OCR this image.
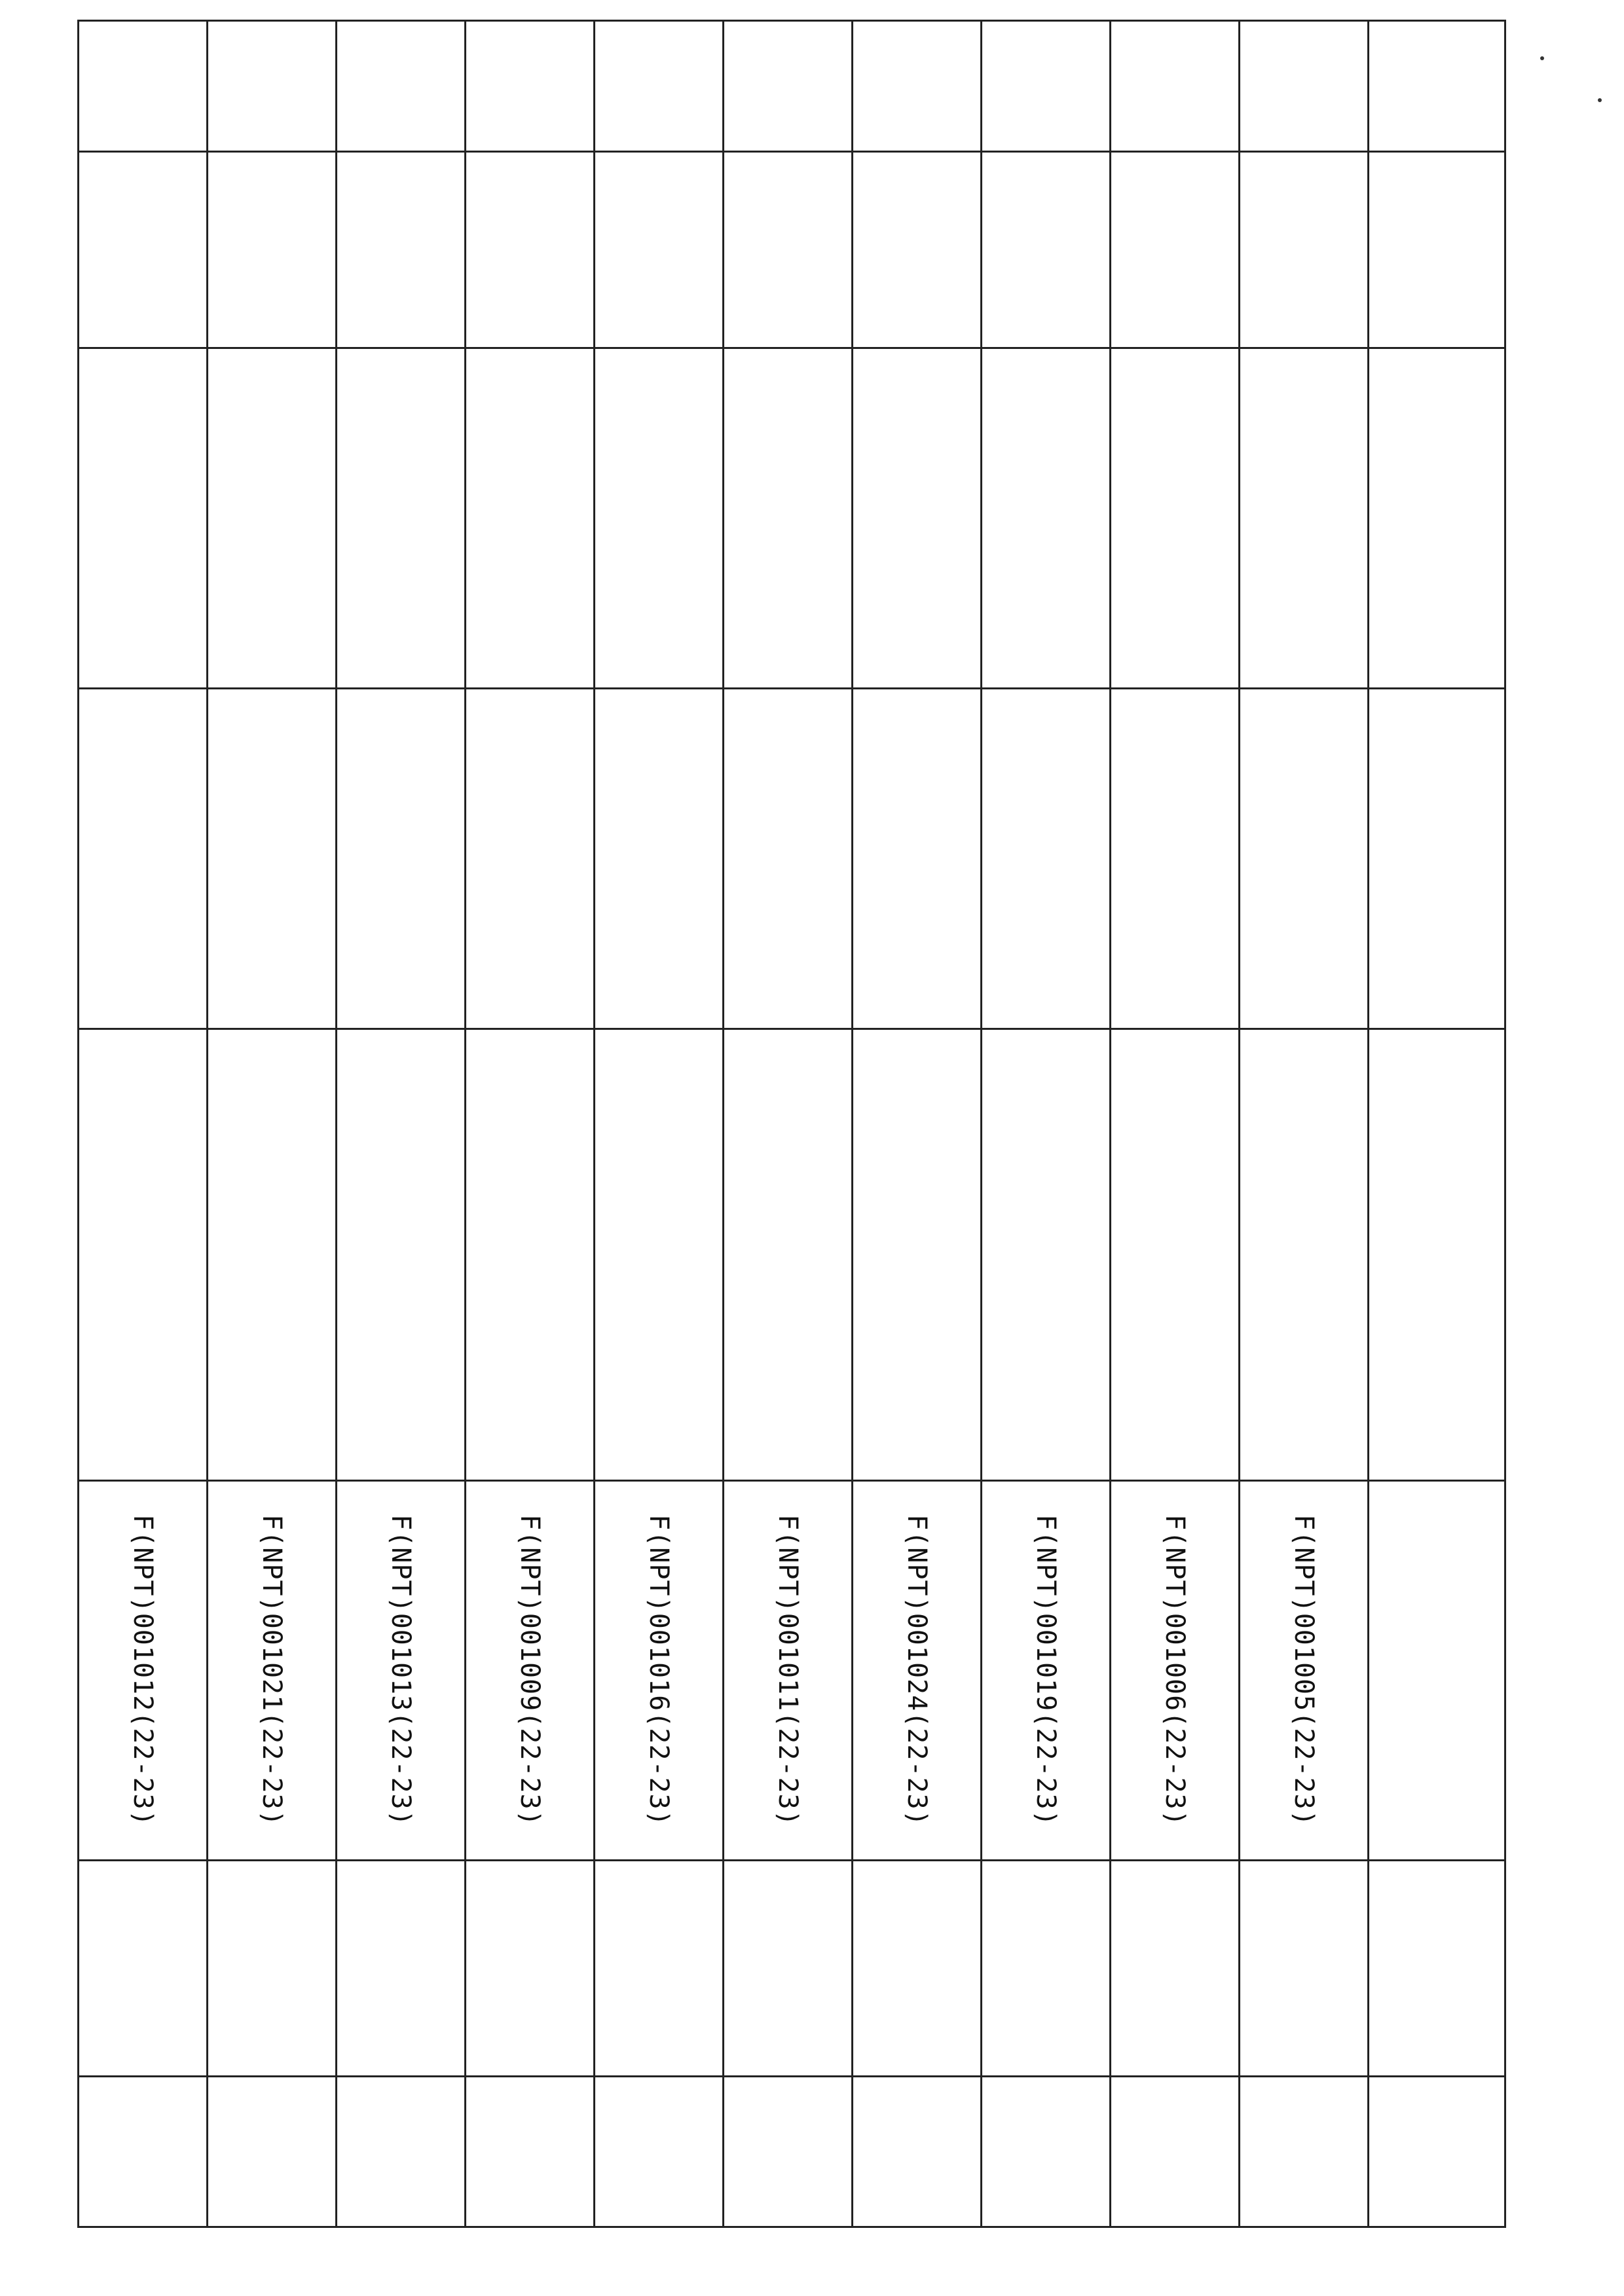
					F(NPT)001005(22-23)			
					F(NPT)001006(22-23)			
					F(NPT)001019(22-23)			
					F(NPT)001024(22-23)			
					F(NPT)001011(22-23)			
					F(NPT)001016(22-23)			
					F(NPT)001009(22-23)			
					F(NPT)001013(22-23)			
					F(NPT)001021(22-23)			
					F(NPT)001012(22-23)			
